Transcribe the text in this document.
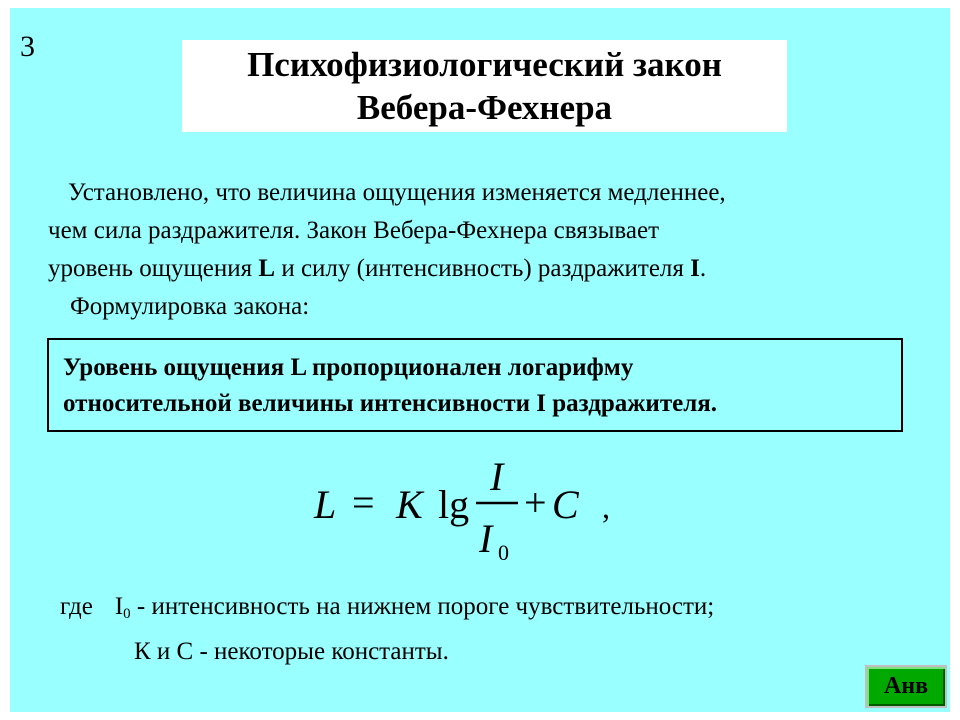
3	Психофизиологический закон
Вебера-Фехнера
Установлено, что величина ощущения изменяется медленнее,
чем сила раздражителя. Закон Вебера-Фехнера связывает
уровень ощущения L и силу (интенсивность) раздражителя I.
Формулировка закона:
Уровень ощущения L пропорционален логарифму
относительной величины интенсивности I раздражителя.
L = K lg
I
I 0
+ C ,
где $I_0$ - интенсивность на нижнем пороге чувствительности;
К и С - некоторые константы.
Анв
